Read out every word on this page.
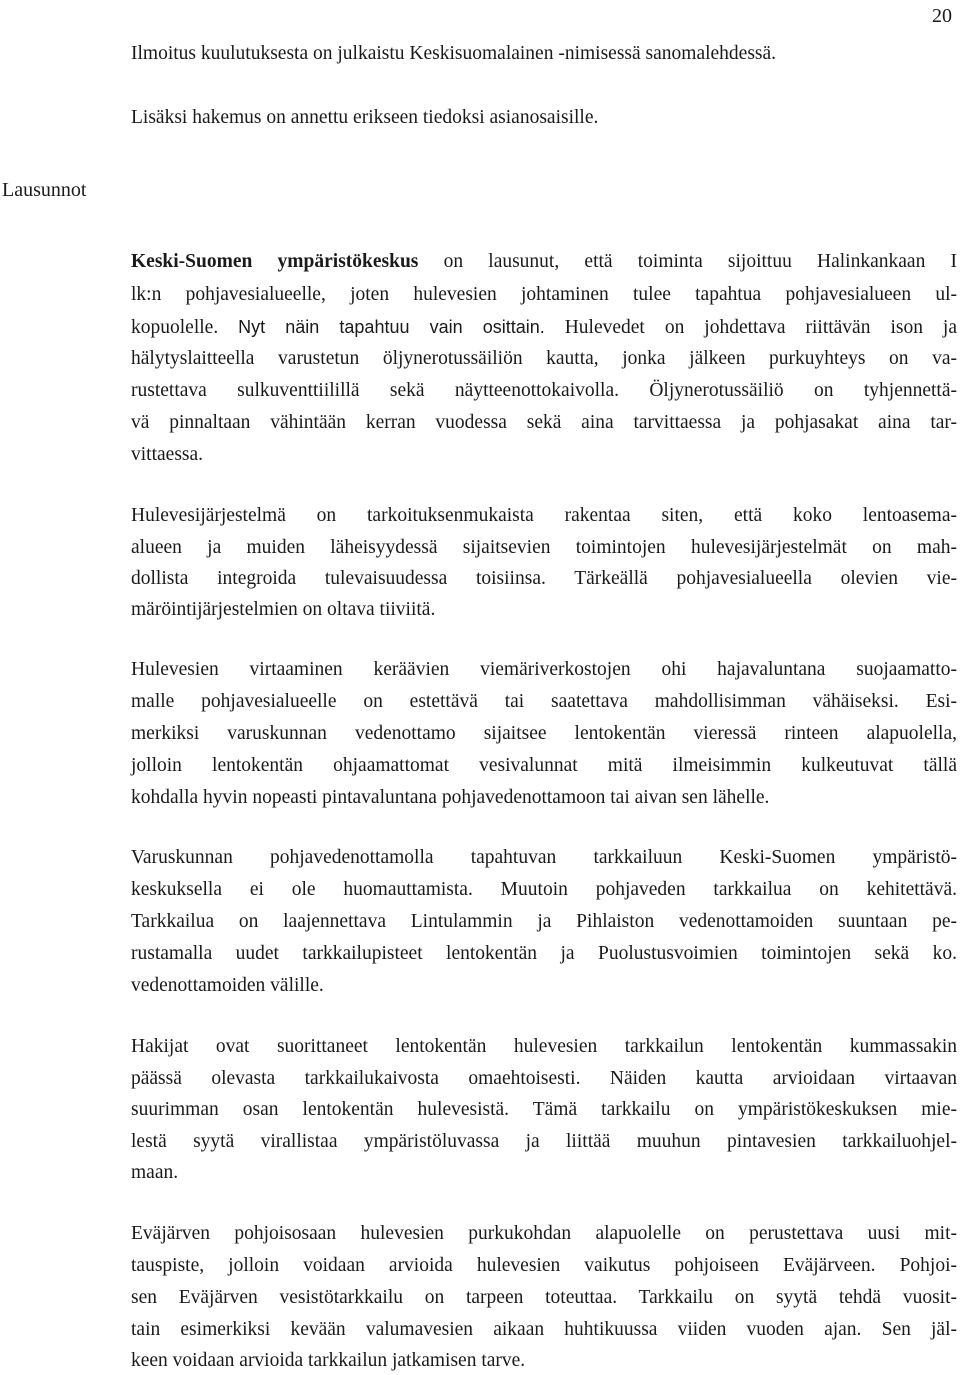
20
Ilmoitus kuulutuksesta on julkaistu Keskisuomalainen -nimisessä sanomalehdessä.
Lisäksi hakemus on annettu erikseen tiedoksi asianosaisille.
Lausunnot
Keski-Suomen ympäristökeskus on lausunut, että toiminta sijoittuu Halinkankaan I
lk:n pohjavesialueelle, joten hulevesien johtaminen tulee tapahtua pohjavesialueen ul-
kopuolelle. Nyt näin tapahtuu vain osittain. Hulevedet on johdettava riittävän ison ja
hälytyslaitteella varustetun öljynerotussäiliön kautta, jonka jälkeen purkuyhteys on va-
rustettava sulkuventtiilillä sekä näytteenottokaivolla. Öljynerotussäiliö on tyhjennettä-
vä pinnaltaan vähintään kerran vuodessa sekä aina tarvittaessa ja pohjasakat aina tar-
vittaessa.
Hulevesijärjestelmä on tarkoituksenmukaista rakentaa siten, että koko lentoasema-
alueen ja muiden läheisyydessä sijaitsevien toimintojen hulevesijärjestelmät on mah-
dollista integroida tulevaisuudessa toisiinsa. Tärkeällä pohjavesialueella olevien vie-
märöintijärjestelmien on oltava tiiviitä.
Hulevesien virtaaminen keräävien viemäriverkostojen ohi hajavaluntana suojaamatto-
malle pohjavesialueelle on estettävä tai saatettava mahdollisimman vähäiseksi. Esi-
merkiksi varuskunnan vedenottamo sijaitsee lentokentän vieressä rinteen alapuolella,
jolloin lentokentän ohjaamattomat vesivalunnat mitä ilmeisimmin kulkeutuvat tällä
kohdalla hyvin nopeasti pintavaluntana pohjavedenottamoon tai aivan sen lähelle.
Varuskunnan pohjavedenottamolla tapahtuvan tarkkailuun Keski-Suomen ympäristö-
keskuksella ei ole huomauttamista. Muutoin pohjaveden tarkkailua on kehitettävä.
Tarkkailua on laajennettava Lintulammin ja Pihlaiston vedenottamoiden suuntaan pe-
rustamalla uudet tarkkailupisteet lentokentän ja Puolustusvoimien toimintojen sekä ko.
vedenottamoiden välille.
Hakijat ovat suorittaneet lentokentän hulevesien tarkkailun lentokentän kummassakin
päässä olevasta tarkkailukaivosta omaehtoisesti. Näiden kautta arvioidaan virtaavan
suurimman osan lentokentän hulevesistä. Tämä tarkkailu on ympäristökeskuksen mie-
lestä syytä virallistaa ympäristöluvassa ja liittää muuhun pintavesien tarkkailuohjel-
maan.
Eväjärven pohjoisosaan hulevesien purkukohdan alapuolelle on perustettava uusi mit-
tauspiste, jolloin voidaan arvioida hulevesien vaikutus pohjoiseen Eväjärveen. Pohjoi-
sen Eväjärven vesistötarkkailu on tarpeen toteuttaa. Tarkkailu on syytä tehdä vuosit-
tain esimerkiksi kevään valumavesien aikaan huhtikuussa viiden vuoden ajan. Sen jäl-
keen voidaan arvioida tarkkailun jatkamisen tarve.
